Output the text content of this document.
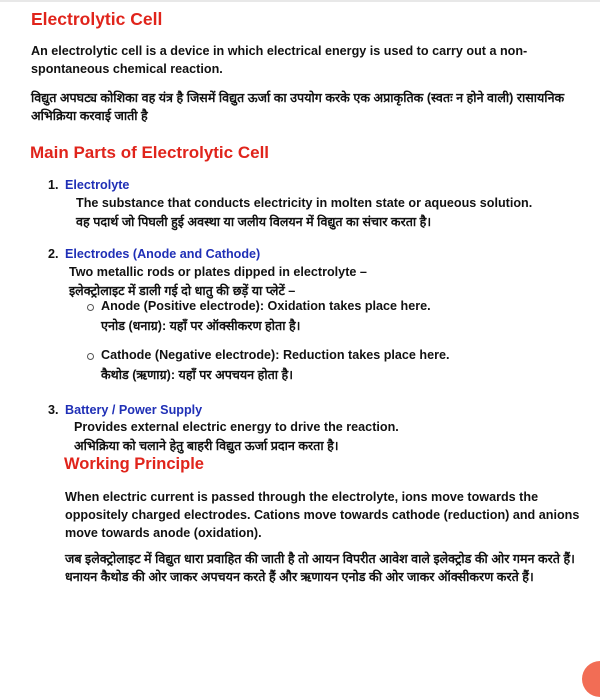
Electrolytic Cell

An electrolytic cell is a device in which electrical energy is used to carry out a non-spontaneous chemical reaction.

विद्युत अपघट्य कोशिका वह यंत्र है जिसमें विद्युत ऊर्जा का उपयोग करके एक अप्राकृतिक (स्वतः न होने वाली) रासायनिक अभिक्रिया करवाई जाती है

Main Parts of Electrolytic Cell
1. Electrolyte
The substance that conducts electricity in molten state or aqueous solution.
वह पदार्थ जो पिघली हुई अवस्था या जलीय विलयन में विद्युत का संचार करता है।
2. Electrodes (Anode and Cathode)
Two metallic rods or plates dipped in electrolyte –
इलेक्ट्रोलाइट में डाली गई दो धातु की छड़ें या प्लेटें –
Anode (Positive electrode): Oxidation takes place here.
एनोड (धनाग्र): यहाँ पर ऑक्सीकरण होता है।
Cathode (Negative electrode): Reduction takes place here.
कैथोड (ऋणाग्र): यहाँ पर अपचयन होता है।
3. Battery / Power Supply
Provides external electric energy to drive the reaction.
अभिक्रिया को चलाने हेतु बाहरी विद्युत ऊर्जा प्रदान करता है।
Working Principle

When electric current is passed through the electrolyte, ions move towards the oppositely charged electrodes. Cations move towards cathode (reduction) and anions move towards anode (oxidation).

जब इलेक्ट्रोलाइट में विद्युत धारा प्रवाहित की जाती है तो आयन विपरीत आवेश वाले इलेक्ट्रोड की ओर गमन करते हैं। धनायन कैथोड की ओर जाकर अपचयन करते हैं और ऋणायन एनोड की ओर जाकर ऑक्सीकरण करते हैं।
